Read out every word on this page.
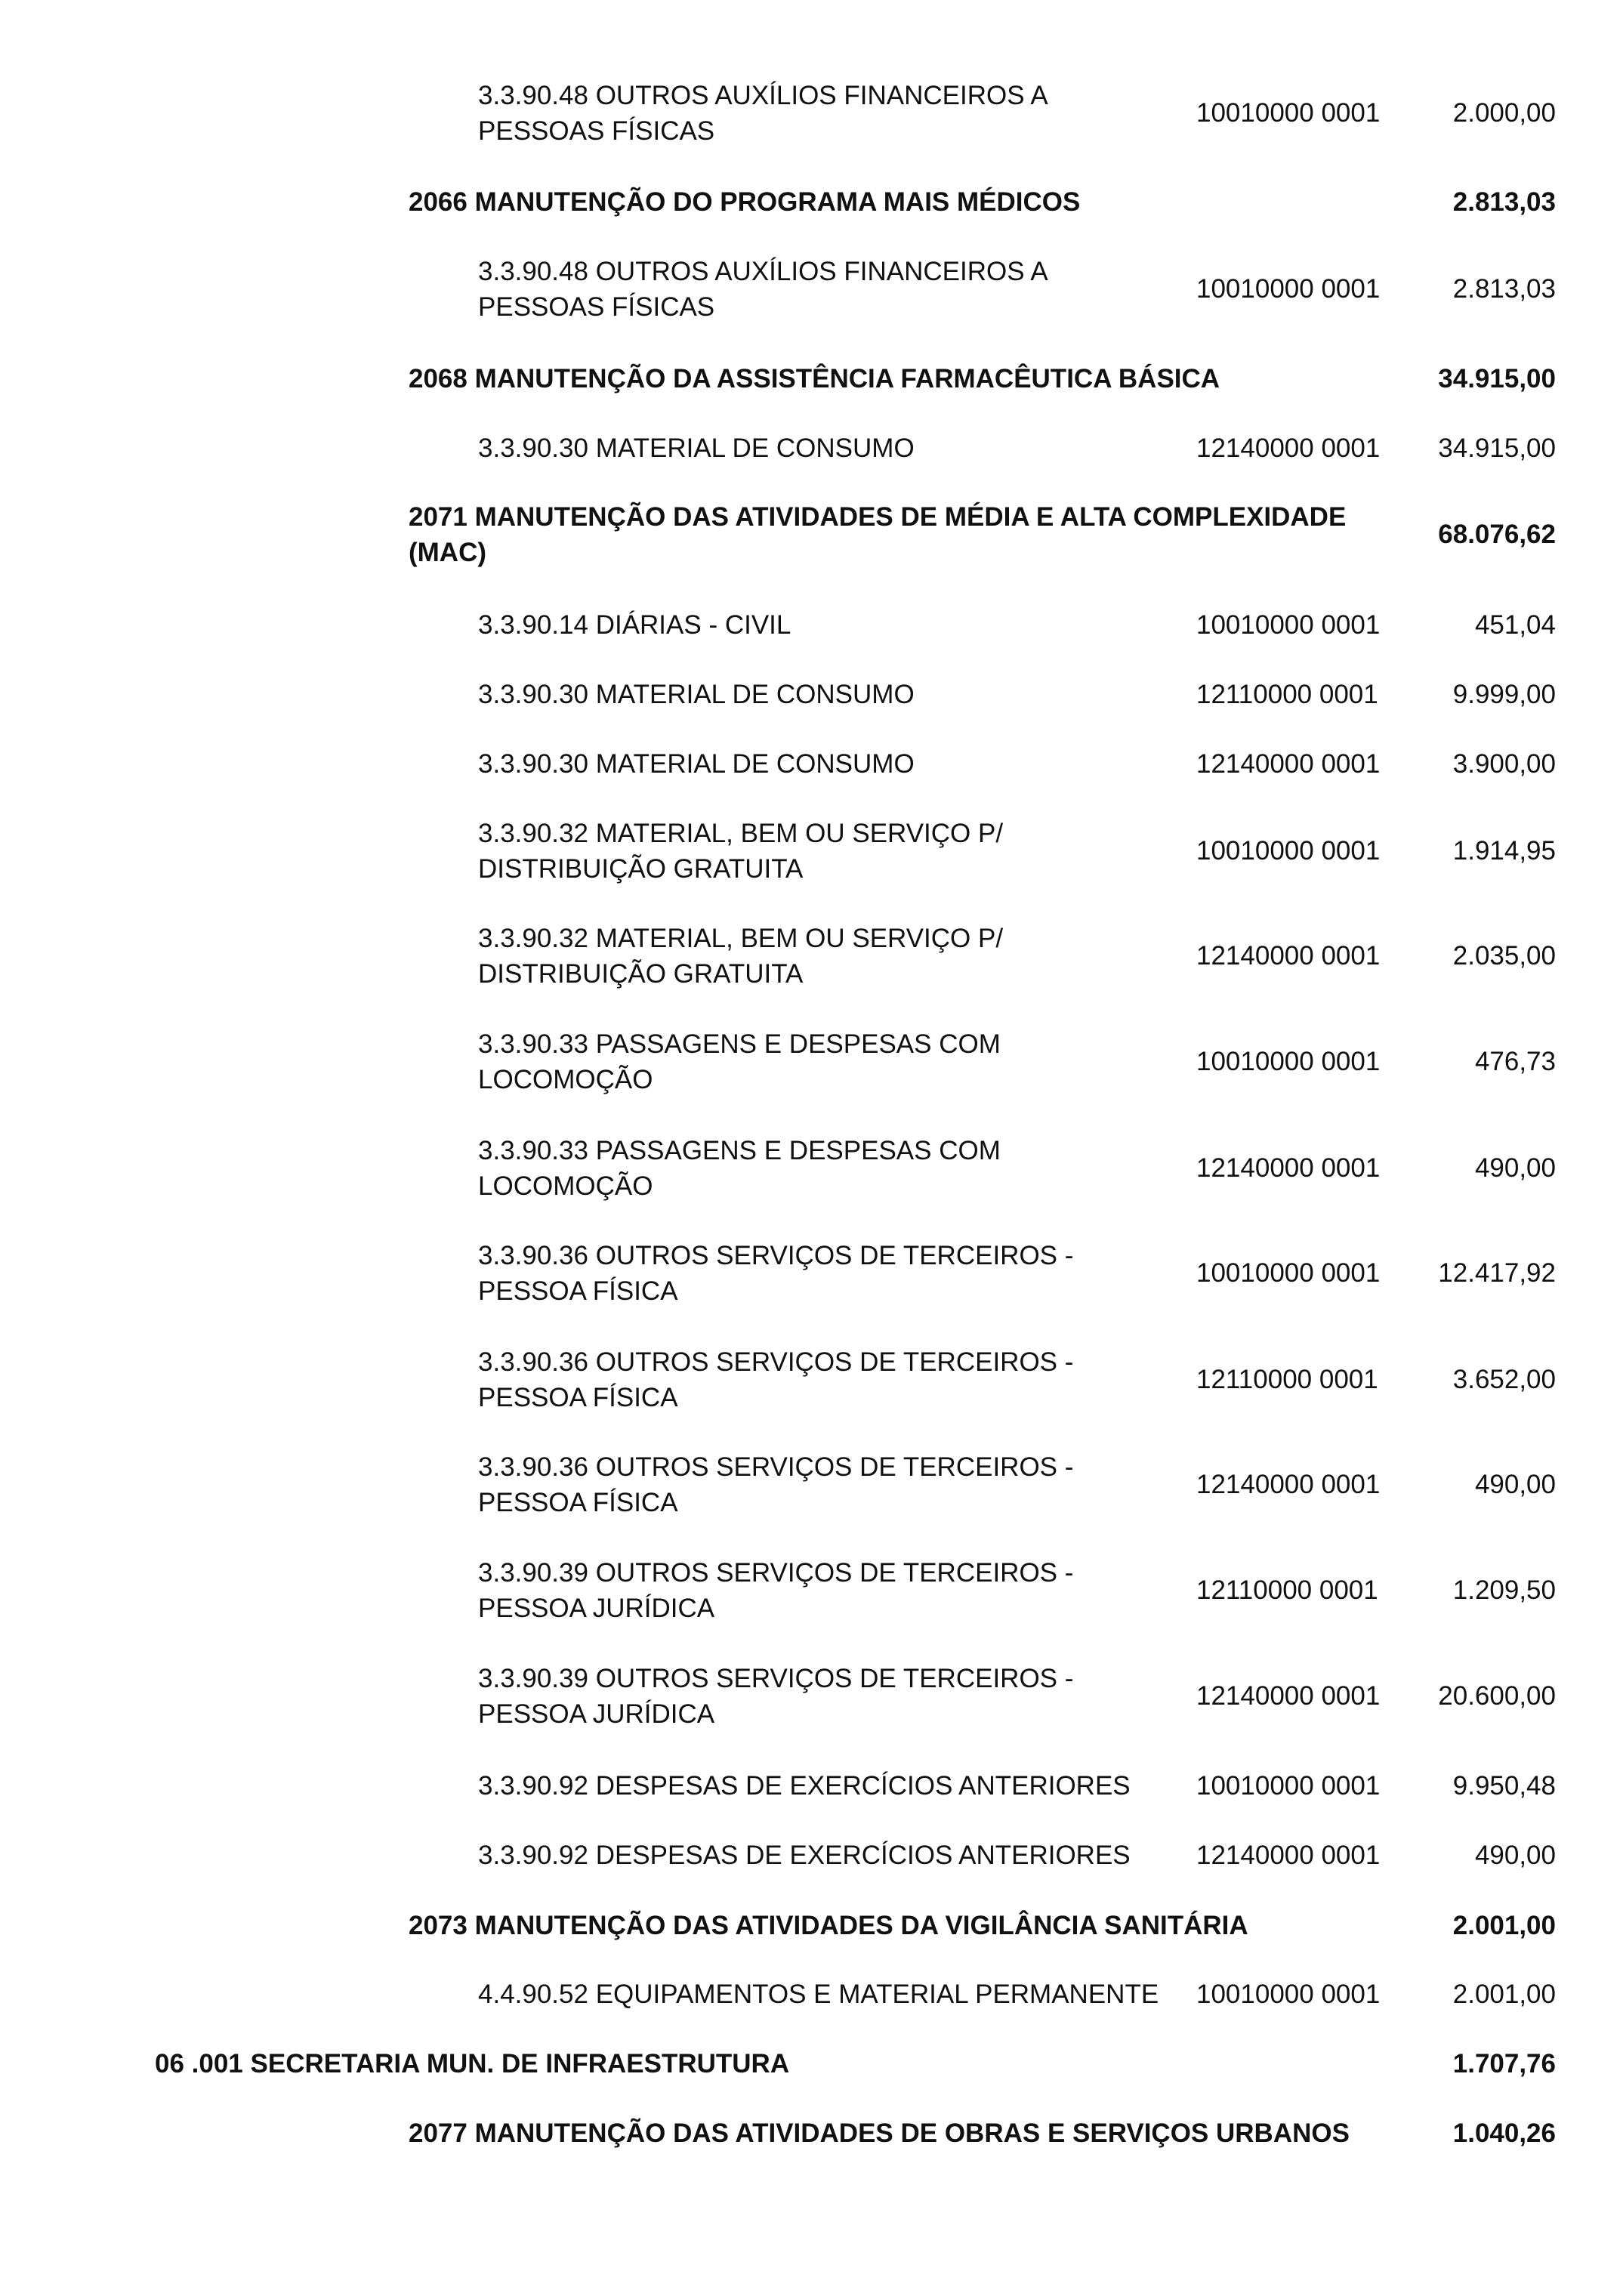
3.3.90.48 OUTROS AUXÍLIOS FINANCEIROS A
PESSOAS FÍSICAS
10010000 0001	2.000,00
2066 MANUTENÇÃO DO PROGRAMA MAIS MÉDICOS	2.813,03
3.3.90.48 OUTROS AUXÍLIOS FINANCEIROS A
PESSOAS FÍSICAS
10010000 0001	2.813,03
2068 MANUTENÇÃO DA ASSISTÊNCIA FARMACÊUTICA BÁSICA	34.915,00
3.3.90.30 MATERIAL DE CONSUMO	12140000 0001 34.915,00
2071 MANUTENÇÃO DAS ATIVIDADES DE MÉDIA E ALTA COMPLEXIDADE
(MAC)
68.076,62
3.3.90.14 DIÁRIAS - CIVIL	10010000 0001	451,04
3.3.90.30 MATERIAL DE CONSUMO	12110000 0001	9.999,00
3.3.90.30 MATERIAL DE CONSUMO	12140000 0001	3.900,00
3.3.90.32 MATERIAL, BEM OU SERVIÇO P/
DISTRIBUIÇÃO GRATUITA
10010000 0001	1.914,95
3.3.90.32 MATERIAL, BEM OU SERVIÇO P/
DISTRIBUIÇÃO GRATUITA
12140000 0001	2.035,00
3.3.90.33 PASSAGENS E DESPESAS COM
LOCOMOÇÃO
10010000 0001	476,73
3.3.90.33 PASSAGENS E DESPESAS COM
LOCOMOÇÃO
12140000 0001	490,00
3.3.90.36 OUTROS SERVIÇOS DE TERCEIROS -
PESSOA FÍSICA
10010000 0001 12.417,92
3.3.90.36 OUTROS SERVIÇOS DE TERCEIROS -
PESSOA FÍSICA
12110000 0001	3.652,00
3.3.90.36 OUTROS SERVIÇOS DE TERCEIROS -
PESSOA FÍSICA
12140000 0001	490,00
3.3.90.39 OUTROS SERVIÇOS DE TERCEIROS -
PESSOA JURÍDICA
12110000 0001	1.209,50
3.3.90.39 OUTROS SERVIÇOS DE TERCEIROS -
PESSOA JURÍDICA
12140000 0001 20.600,00
3.3.90.92 DESPESAS DE EXERCÍCIOS ANTERIORES	10010000 0001	9.950,48
3.3.90.92 DESPESAS DE EXERCÍCIOS ANTERIORES	12140000 0001	490,00
2073 MANUTENÇÃO DAS ATIVIDADES DA VIGILÂNCIA SANITÁRIA	2.001,00
4.4.90.52 EQUIPAMENTOS E MATERIAL PERMANENTE	10010000 0001	2.001,00
06 .001 SECRETARIA MUN. DE INFRAESTRUTURA	1.707,76
2077 MANUTENÇÃO DAS ATIVIDADES DE OBRAS E SERVIÇOS URBANOS	1.040,26
